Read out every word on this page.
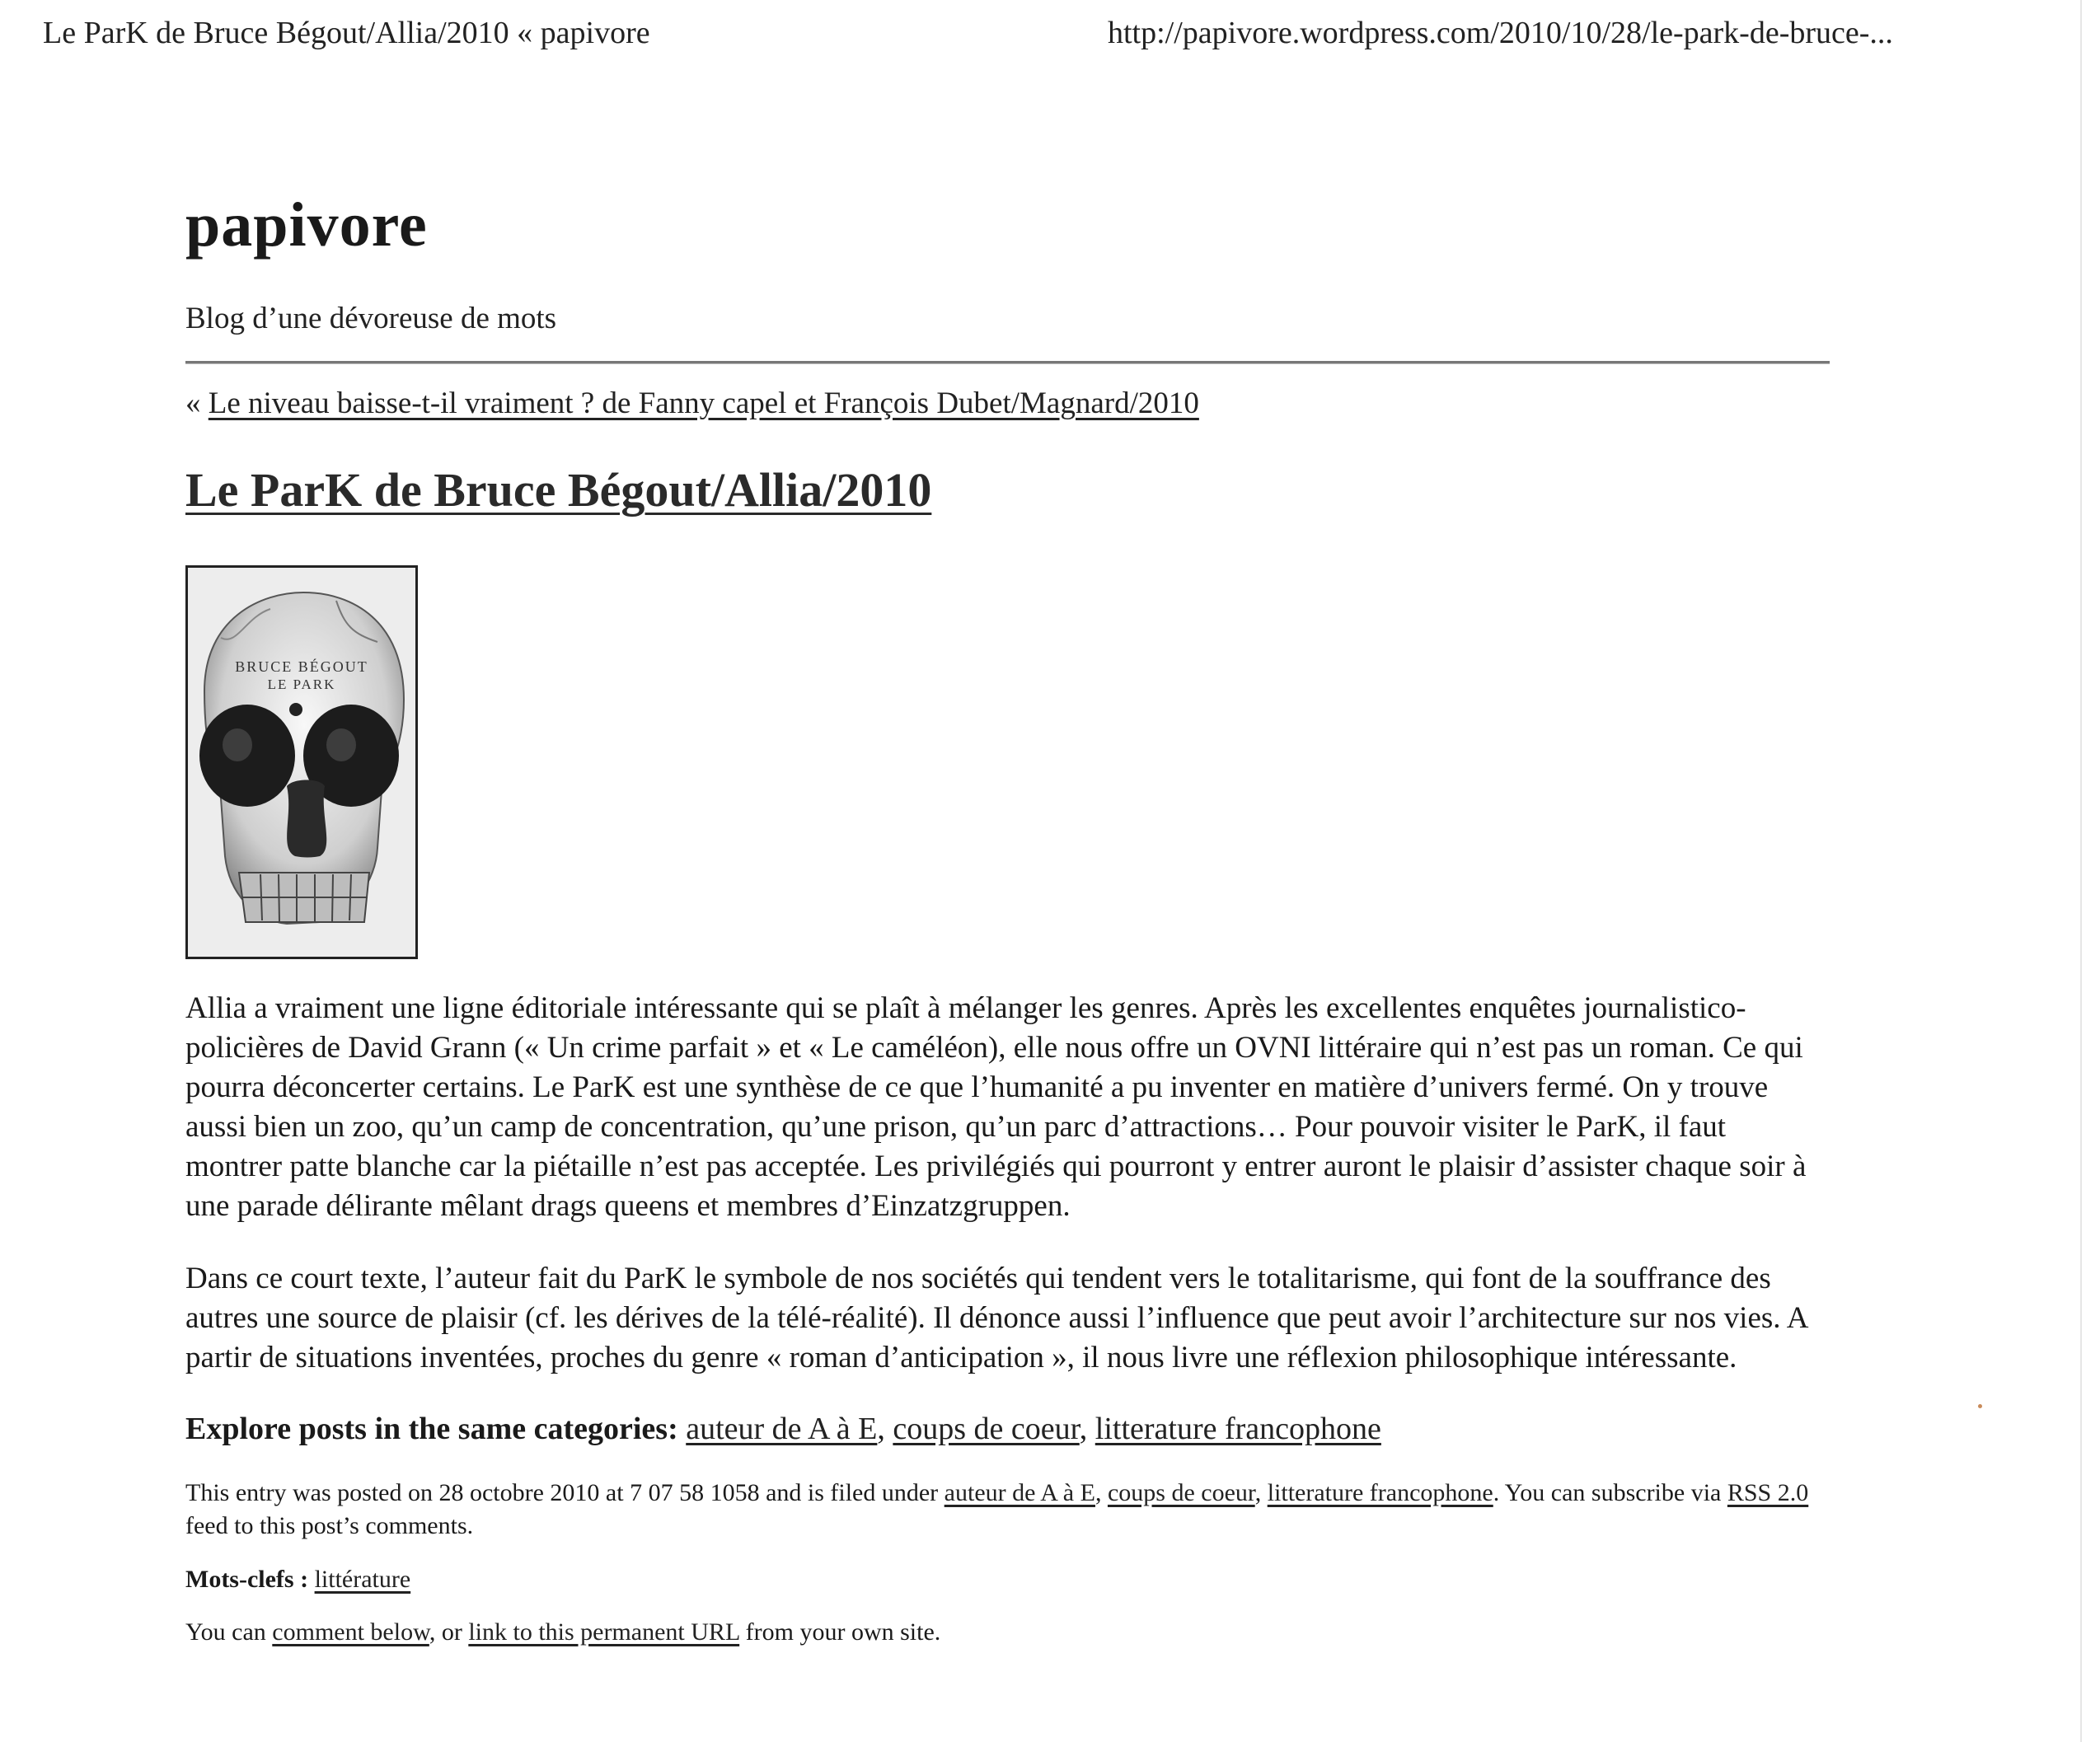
Le ParK de Bruce Bégout/Allia/2010 « papivore	http://papivore.wordpress.com/2010/10/28/le-park-de-bruce-...
papivore
Blog d’une dévoreuse de mots
« Le niveau baisse-t-il vraiment ? de Fanny capel et François Dubet/Magnard/2010
Le ParK de Bruce Bégout/Allia/2010
BRUCE BÉGOUT
LE PARK

Allia a vraiment une ligne éditoriale intéressante qui se plaît à mélanger les genres. Après les excellentes enquêtes journalistico-policières de David Grann (« Un crime parfait » et « Le caméléon), elle nous offre un OVNI littéraire qui n’est pas un roman. Ce qui pourra déconcerter certains. Le ParK est une synthèse de ce que l’humanité a pu inventer en matière d’univers fermé. On y trouve aussi bien un zoo, qu’un camp de concentration, qu’une prison, qu’un parc d’attractions… Pour pouvoir visiter le ParK, il faut montrer patte blanche car la piétaille n’est pas acceptée. Les privilégiés qui pourront y entrer auront le plaisir d’assister chaque soir à une parade délirante mêlant drags queens et membres d’Einzatzgruppen.

Dans ce court texte, l’auteur fait du ParK le symbole de nos sociétés qui tendent vers le totalitarisme, qui font de la souffrance des autres une source de plaisir (cf. les dérives de la télé-réalité). Il dénonce aussi l’influence que peut avoir l’architecture sur nos vies. A partir de situations inventées, proches du genre « roman d’anticipation », il nous livre une réflexion philosophique intéressante.

Explore posts in the same categories: auteur de A à E, coups de coeur, litterature francophone
This entry was posted on 28 octobre 2010 at 7 07 58 1058 and is filed under auteur de A à E, coups de coeur, litterature francophone. You can subscribe via RSS 2.0 feed to this post’s comments.
Mots-clefs : littérature
You can comment below, or link to this permanent URL from your own site.
